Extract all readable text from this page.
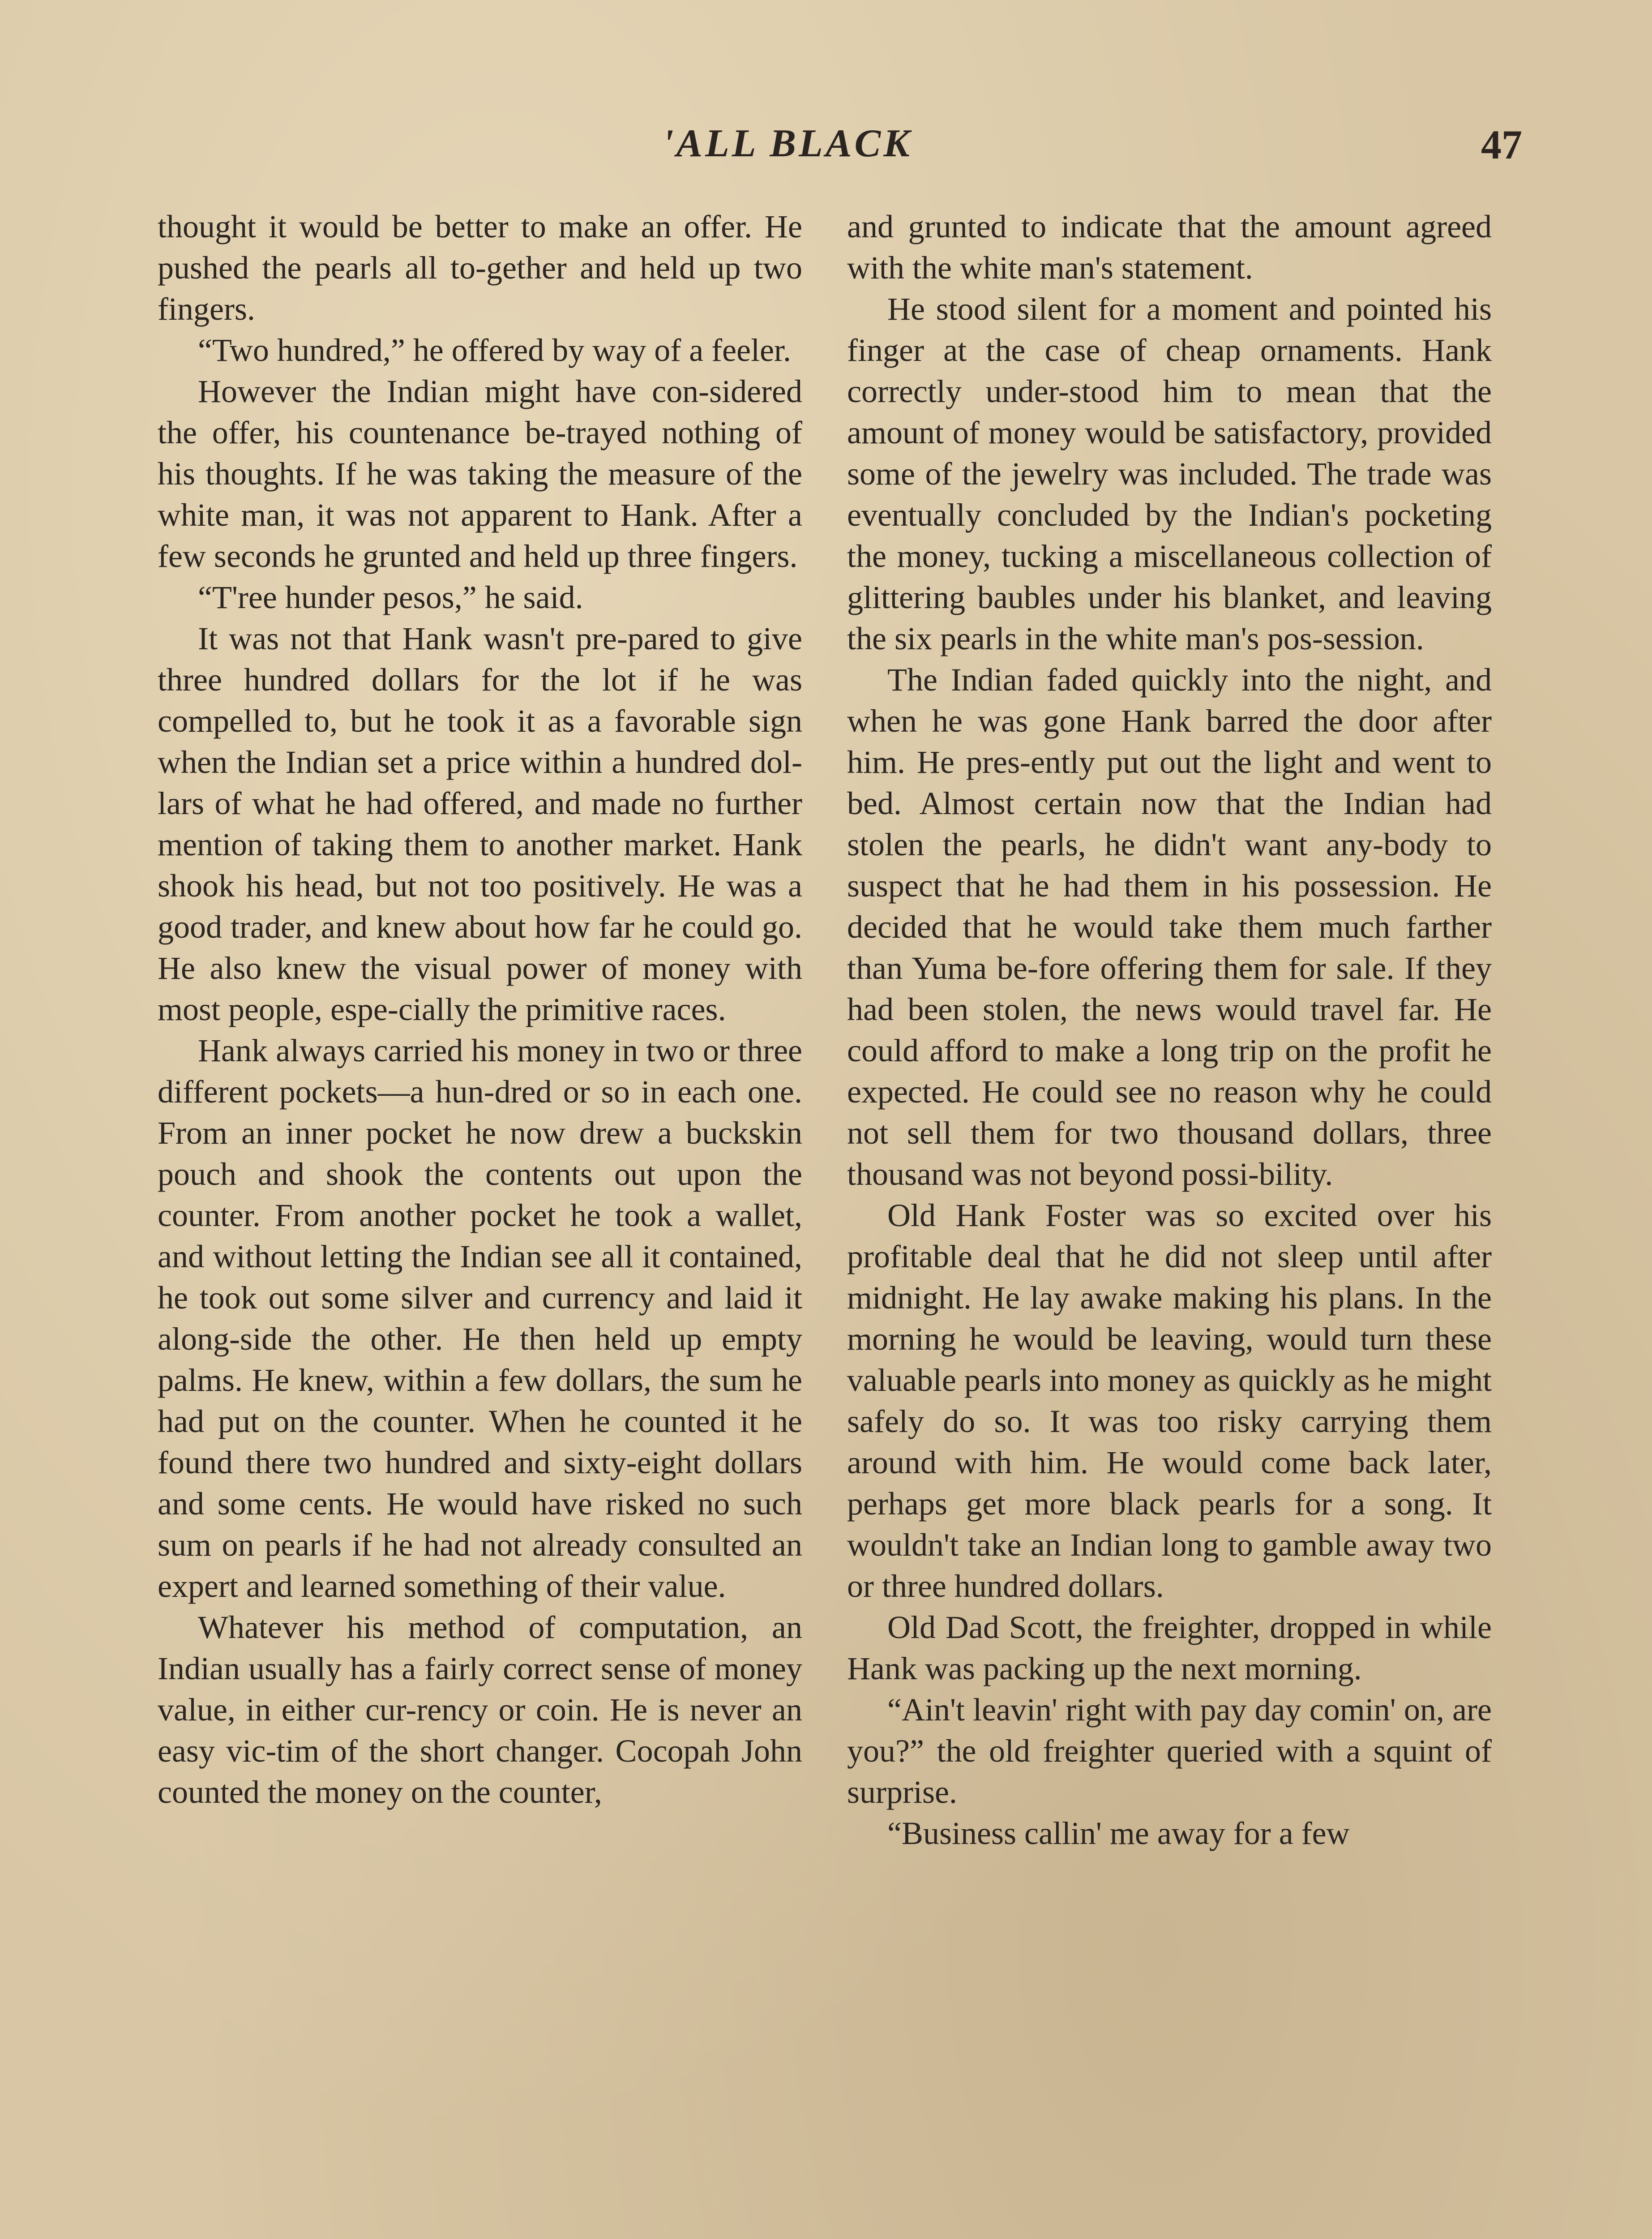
'ALL BLACK	47

thought it would be better to make an offer. He pushed the pearls all to-gether and held up two fingers.

“Two hundred,” he offered by way of a feeler.

However the Indian might have con-sidered the offer, his countenance be-trayed nothing of his thoughts. If he was taking the measure of the white man, it was not apparent to Hank. After a few seconds he grunted and held up three fingers.

“T'ree hunder pesos,” he said.

It was not that Hank wasn't pre-pared to give three hundred dollars for the lot if he was compelled to, but he took it as a favorable sign when the Indian set a price within a hundred dol-lars of what he had offered, and made no further mention of taking them to another market. Hank shook his head, but not too positively. He was a good trader, and knew about how far he could go. He also knew the visual power of money with most people, espe-cially the primitive races.

Hank always carried his money in two or three different pockets—a hun-dred or so in each one. From an inner pocket he now drew a buckskin pouch and shook the contents out upon the counter. From another pocket he took a wallet, and without letting the Indian see all it contained, he took out some silver and currency and laid it along-side the other. He then held up empty palms. He knew, within a few dollars, the sum he had put on the counter. When he counted it he found there two hundred and sixty-eight dollars and some cents. He would have risked no such sum on pearls if he had not already consulted an expert and learned something of their value.

Whatever his method of computation, an Indian usually has a fairly correct sense of money value, in either cur-rency or coin. He is never an easy vic-tim of the short changer. Cocopah John counted the money on the counter,

and grunted to indicate that the amount agreed with the white man's statement.

He stood silent for a moment and pointed his finger at the case of cheap ornaments. Hank correctly under-stood him to mean that the amount of money would be satisfactory, provided some of the jewelry was included. The trade was eventually concluded by the Indian's pocketing the money, tucking a miscellaneous collection of glittering baubles under his blanket, and leaving the six pearls in the white man's pos-session.

The Indian faded quickly into the night, and when he was gone Hank barred the door after him. He pres-ently put out the light and went to bed. Almost certain now that the Indian had stolen the pearls, he didn't want any-body to suspect that he had them in his possession. He decided that he would take them much farther than Yuma be-fore offering them for sale. If they had been stolen, the news would travel far. He could afford to make a long trip on the profit he expected. He could see no reason why he could not sell them for two thousand dollars, three thousand was not beyond possi-bility.

Old Hank Foster was so excited over his profitable deal that he did not sleep until after midnight. He lay awake making his plans. In the morning he would be leaving, would turn these valuable pearls into money as quickly as he might safely do so. It was too risky carrying them around with him. He would come back later, perhaps get more black pearls for a song. It wouldn't take an Indian long to gamble away two or three hundred dollars.

Old Dad Scott, the freighter, dropped in while Hank was packing up the next morning.

“Ain't leavin' right with pay day comin' on, are you?” the old freighter queried with a squint of surprise.

“Business callin' me away for a few
